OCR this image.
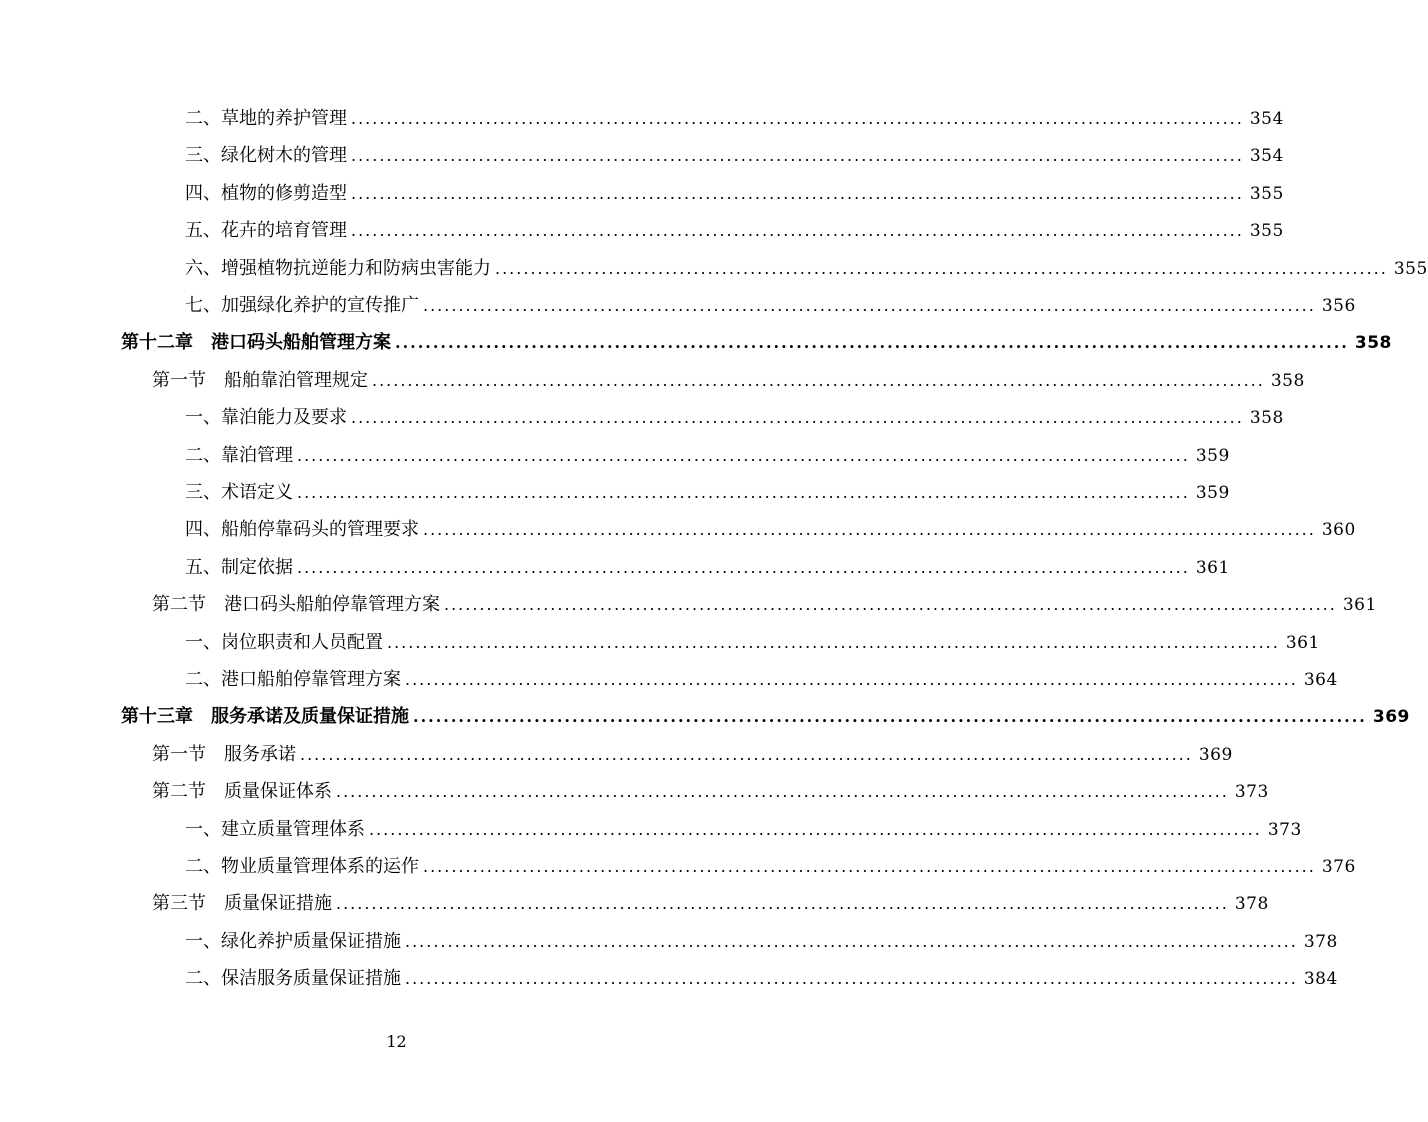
二、草地的养护管理 .............................................................................................................................. 354
三、绿化树木的管理 .............................................................................................................................. 354
四、植物的修剪造型 .............................................................................................................................. 355
五、花卉的培育管理 .............................................................................................................................. 355
六、增强植物抗逆能力和防病虫害能力 .............................................................................................................................. 355
七、加强绿化养护的宣传推广 .............................................................................................................................. 356
第十二章　港口码头船舶管理方案 .............................................................................................................................. 358
第一节　船舶靠泊管理规定 .............................................................................................................................. 358
一、靠泊能力及要求 .............................................................................................................................. 358
二、靠泊管理 .............................................................................................................................. 359
三、术语定义 .............................................................................................................................. 359
四、船舶停靠码头的管理要求 .............................................................................................................................. 360
五、制定依据 .............................................................................................................................. 361
第二节　港口码头船舶停靠管理方案 .............................................................................................................................. 361
一、岗位职责和人员配置 .............................................................................................................................. 361
二、港口船舶停靠管理方案 .............................................................................................................................. 364
第十三章　服务承诺及质量保证措施 .............................................................................................................................. 369
第一节　服务承诺 .............................................................................................................................. 369
第二节　质量保证体系 .............................................................................................................................. 373
一、建立质量管理体系 .............................................................................................................................. 373
二、物业质量管理体系的运作 .............................................................................................................................. 376
第三节　质量保证措施 .............................................................................................................................. 378
一、绿化养护质量保证措施 .............................................................................................................................. 378
二、保洁服务质量保证措施 .............................................................................................................................. 384
12
